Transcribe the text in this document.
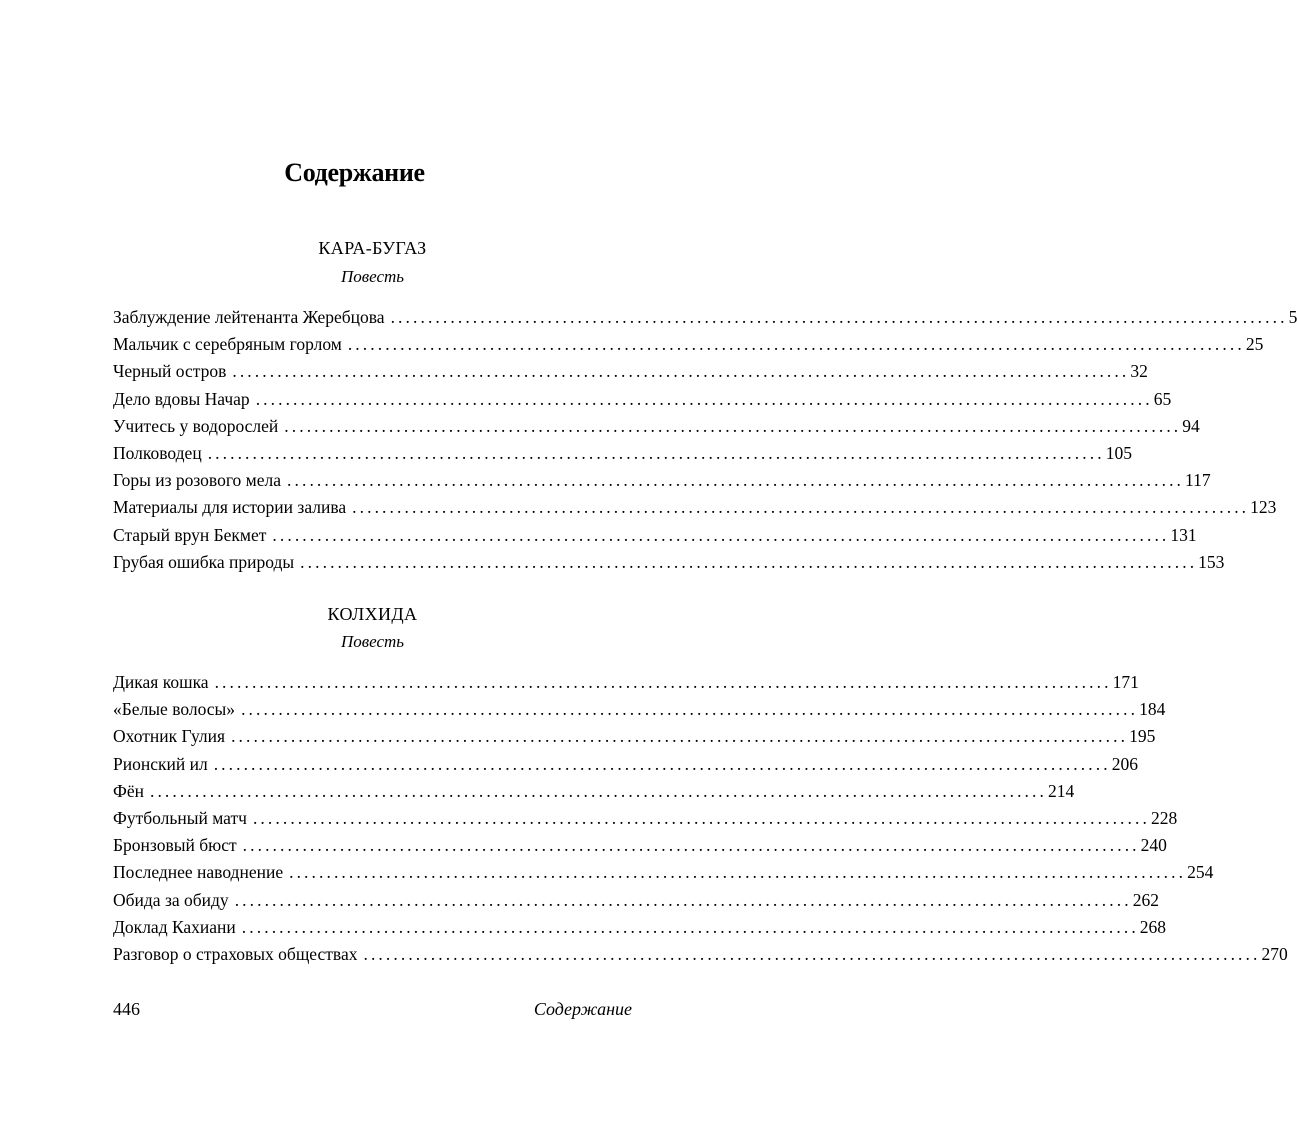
Содержание
КАРА-БУГАЗ
Повесть
Заблуждение лейтенанта Жеребцова ........................................................................................................................ 5
Мальчик с серебряным горлом ........................................................................................................................ 25
Черный остров ........................................................................................................................ 32
Дело вдовы Начар ........................................................................................................................ 65
Учитесь у водорослей ........................................................................................................................ 94
Полководец ........................................................................................................................ 105
Горы из розового мела ........................................................................................................................ 117
Материалы для истории залива ........................................................................................................................ 123
Старый врун Бекмет ........................................................................................................................ 131
Грубая ошибка природы ........................................................................................................................ 153
КОЛХИДА
Повесть
Дикая кошка ........................................................................................................................ 171
«Белые волосы» ........................................................................................................................ 184
Охотник Гулия ........................................................................................................................ 195
Рионский ил ........................................................................................................................ 206
Фён ........................................................................................................................ 214
Футбольный матч ........................................................................................................................ 228
Бронзовый бюст ........................................................................................................................ 240
Последнее наводнение ........................................................................................................................ 254
Обида за обиду ........................................................................................................................ 262
Доклад Кахиани ........................................................................................................................ 268
Разговор о страховых обществах ........................................................................................................................ 270
446	Содержание
